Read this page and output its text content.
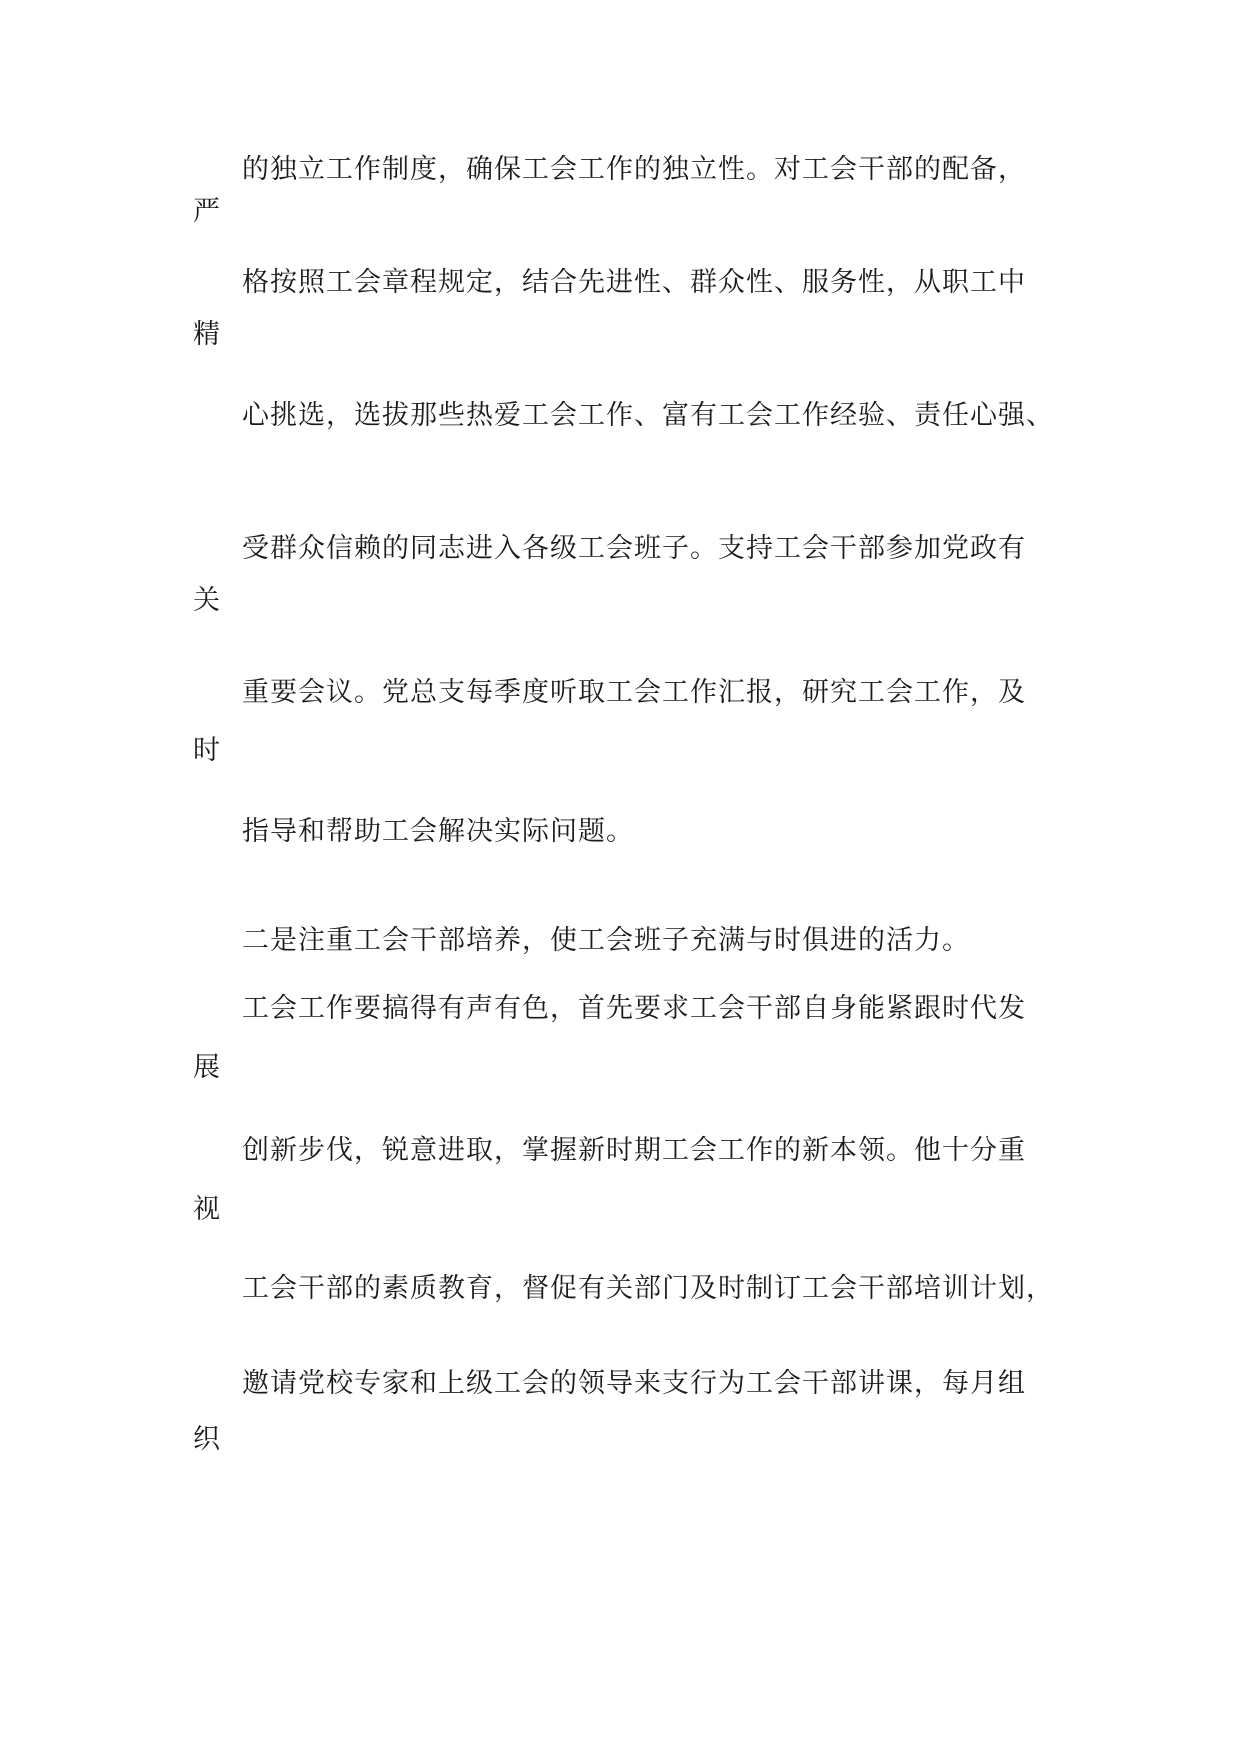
的独立工作制度，确保工会工作的独立性。对工会干部的配备，
严
格按照工会章程规定，结合先进性、群众性、服务性，从职工中
精
心挑选，选拔那些热爱工会工作、富有工会工作经验、责任心强、
受群众信赖的同志进入各级工会班子。支持工会干部参加党政有
关
重要会议。党总支每季度听取工会工作汇报，研究工会工作，及
时
指导和帮助工会解决实际问题。
二是注重工会干部培养，使工会班子充满与时俱进的活力。
工会工作要搞得有声有色，首先要求工会干部自身能紧跟时代发
展
创新步伐，锐意进取，掌握新时期工会工作的新本领。他十分重
视
工会干部的素质教育，督促有关部门及时制订工会干部培训计划，
邀请党校专家和上级工会的领导来支行为工会干部讲课，每月组
织
